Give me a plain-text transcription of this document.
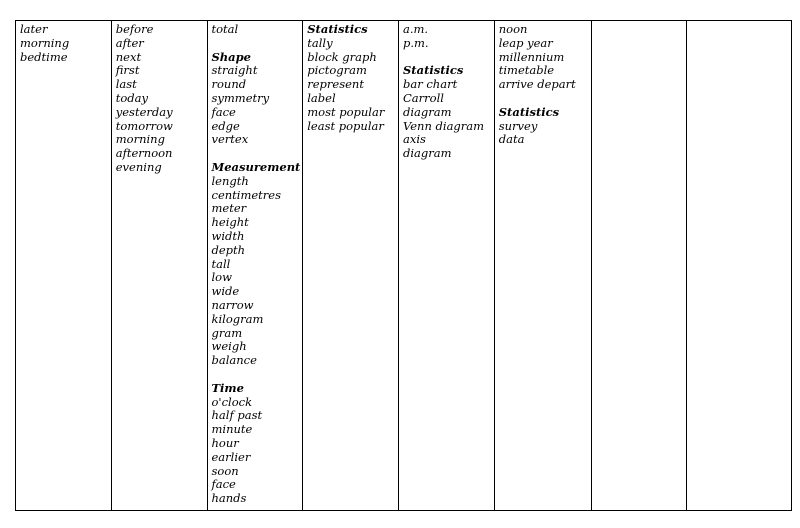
later
morning
bedtime
before
after
next
first
last
today
yesterday
tomorrow
morning
afternoon
evening
total
Shape
straight
round
symmetry
face
edge
vertex
Measurement
length
centimetres
meter
height
width
depth
tall
low
wide
narrow
kilogram
gram
weigh
balance
Time
o'clock
half past
minute
hour
earlier
soon
face
hands
Statistics
tally
block graph
pictogram
represent
label
most popular
least popular
a.m.
p.m.
Statistics
bar chart
Carroll
diagram
Venn diagram
axis
diagram
noon
leap year
millennium
timetable
arrive depart
Statistics
survey
data
